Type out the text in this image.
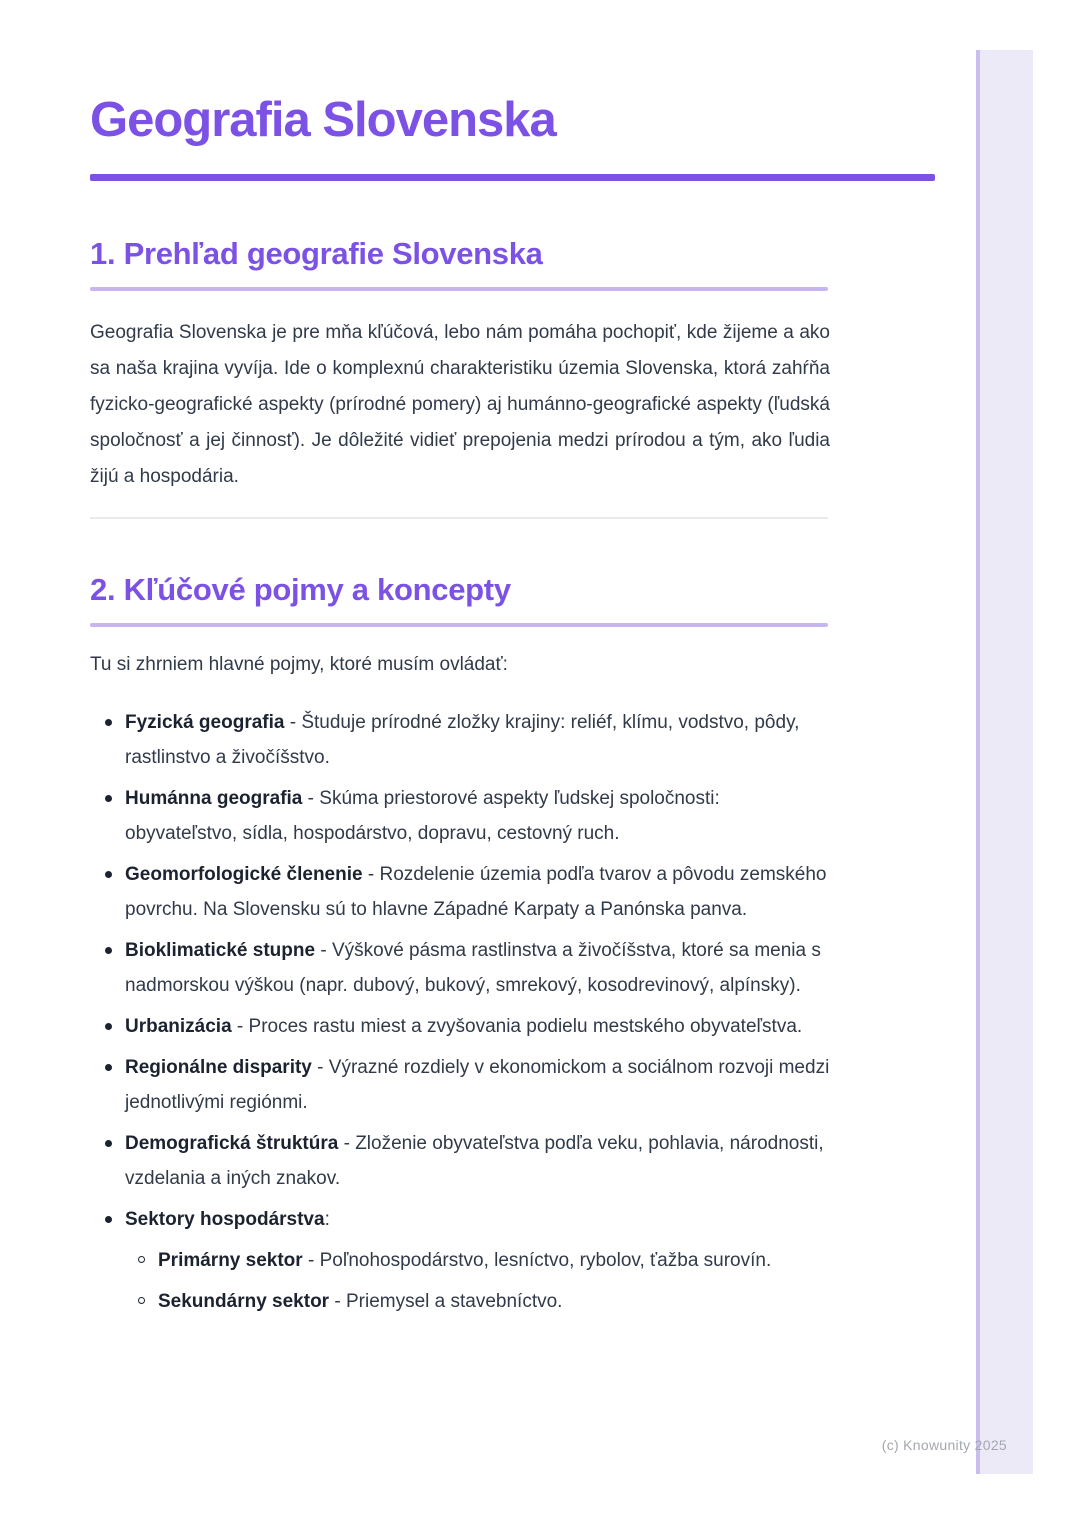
Geografia Slovenska
1. Prehľad geografie Slovenska

Geografia Slovenska je pre mňa kľúčová, lebo nám pomáha pochopiť, kde žijeme a ako sa naša krajina vyvíja. Ide o komplexnú charakteristiku územia Slovenska, ktorá zahŕňa fyzicko-geografické aspekty (prírodné pomery) aj humánno-geografické aspekty (ľudská spoločnosť a jej činnosť). Je dôležité vidieť prepojenia medzi prírodou a tým, ako ľudia žijú a hospodária.

2. Kľúčové pojmy a koncepty

Tu si zhrniem hlavné pojmy, ktoré musím ovládať:

Fyzická geografia - Študuje prírodné zložky krajiny: reliéf, klímu, vodstvo, pôdy, rastlinstvo a živočíšstvo.
Humánna geografia - Skúma priestorové aspekty ľudskej spoločnosti: obyvateľstvo, sídla, hospodárstvo, dopravu, cestovný ruch.
Geomorfologické členenie - Rozdelenie územia podľa tvarov a pôvodu zemského povrchu. Na Slovensku sú to hlavne Západné Karpaty a Panónska panva.
Bioklimatické stupne - Výškové pásma rastlinstva a živočíšstva, ktoré sa menia s nadmorskou výškou (napr. dubový, bukový, smrekový, kosodrevinový, alpínsky).
Urbanizácia - Proces rastu miest a zvyšovania podielu mestského obyvateľstva.
Regionálne disparity - Výrazné rozdiely v ekonomickom a sociálnom rozvoji medzi jednotlivými regiónmi.
Demografická štruktúra - Zloženie obyvateľstva podľa veku, pohlavia, národnosti, vzdelania a iných znakov.
Sektory hospodárstva:
Primárny sektor - Poľnohospodárstvo, lesníctvo, rybolov, ťažba surovín.
Sekundárny sektor - Priemysel a stavebníctvo.
(c) Knowunity 2025
